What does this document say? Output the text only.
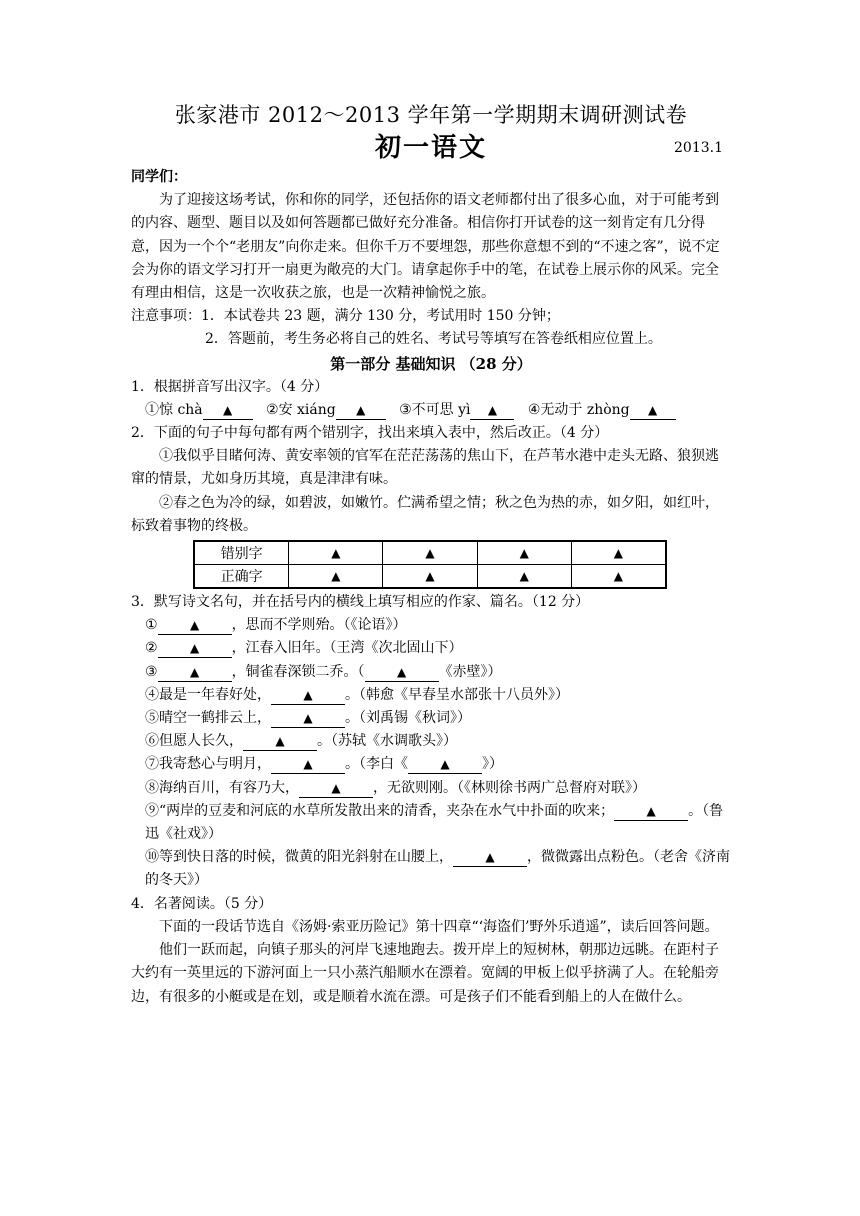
张家港市 2012～2013 学年第一学期期末调研测试卷
初一语文	2013.1

同学们：

为了迎接这场考试，你和你的同学，还包括你的语文老师都付出了很多心血，对于可能考到的内容、题型、题目以及如何答题都已做好充分准备。相信你打开试卷的这一刻肯定有几分得意，因为一个个“老朋友”向你走来。但你千万不要埋怨，那些你意想不到的“不速之客”，说不定会为你的语文学习打开一扇更为敞亮的大门。请拿起你手中的笔，在试卷上展示你的风采。完全有理由相信，这是一次收获之旅，也是一次精神愉悦之旅。

注意事项：1．本试卷共 23 题，满分 130 分，考试用时 150 分钟；

2．答题前，考生务必将自己的姓名、考试号等填写在答卷纸相应位置上。

第一部分 基础知识 （28 分）

1．根据拼音写出汉字。（4 分）

①惊 chà ▲ ②安 xiáng ▲ ③不可思 yì ▲ ④无动于 zhòng ▲

2．下面的句子中每句都有两个错别字，找出来填入表中，然后改正。（4 分）

①我似乎目睹何涛、黄安率领的官军在茫茫荡荡的焦山下，在芦苇水港中走头无路、狼狈逃窜的情景，尤如身历其境，真是津津有味。

②春之色为冷的绿，如碧波，如嫩竹。伫满希望之情；秋之色为热的赤，如夕阳，如红叶，标致着事物的终极。

错别字	▲	▲	▲	▲
正确字	▲	▲	▲	▲

3．默写诗文名句，并在括号内的横线上填写相应的作家、篇名。（12 分）

①	▲ ，思而不学则殆。（《论语》）

②	▲ ，江春入旧年。（王湾《次北固山下）

③	▲ ，铜雀春深锁二乔。（	▲ 《赤壁》）

④最是一年春好处，	▲ 。（韩愈《早春呈水部张十八员外》）

⑤晴空一鹤排云上，	▲ 。（刘禹锡《秋词》）

⑥但愿人长久，	▲ 。（苏轼《水调歌头》）

⑦我寄愁心与明月，	▲ 。（李白《	▲ 》）

⑧海纳百川，有容乃大，	▲ ，无欲则刚。（《林则徐书两广总督府对联》）

⑨“两岸的豆麦和河底的水草所发散出来的清香，夹杂在水气中扑面的吹来；	▲ 。（鲁迅《社戏》）

⑩等到快日落的时候，微黄的阳光斜射在山腰上，	▲ ，微微露出点粉色。（老舍《济南的冬天》）

4．名著阅读。（5 分）

下面的一段话节选自《汤姆·索亚历险记》第十四章“‘海盗们’野外乐逍遥”，读后回答问题。

他们一跃而起，向镇子那头的河岸飞速地跑去。拨开岸上的短树林，朝那边远眺。在距村子大约有一英里远的下游河面上一只小蒸汽船顺水在漂着。宽阔的甲板上似乎挤满了人。在轮船旁边，有很多的小艇或是在划，或是顺着水流在漂。可是孩子们不能看到船上的人在做什么。
